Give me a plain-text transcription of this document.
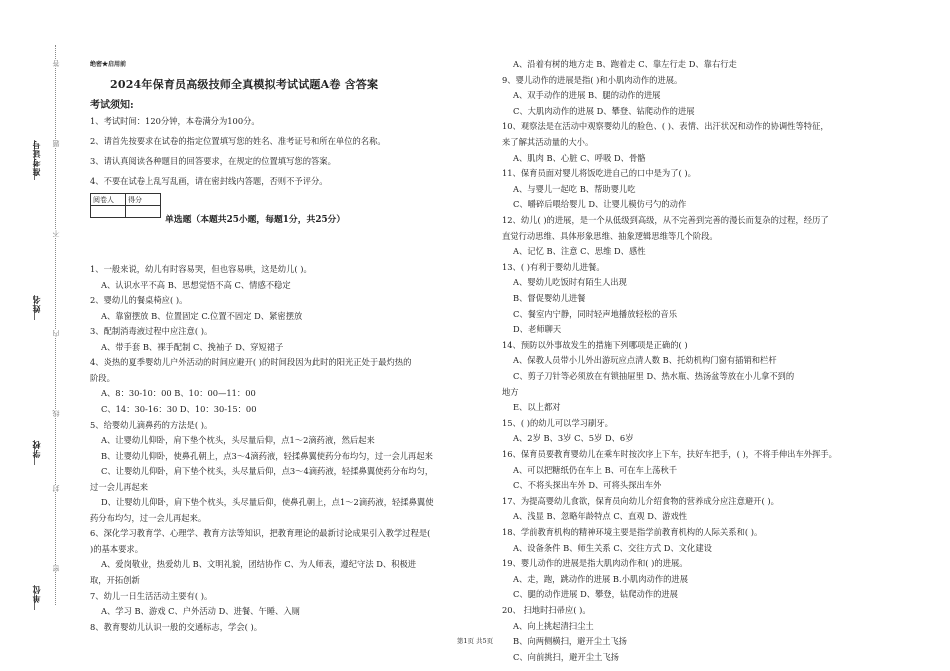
准考证号
姓名
学校
单位
答
题
不
内
线
封
密
绝密★启用前
2024年保育员高级技师全真模拟考试试题A卷 含答案
考试须知:
1、考试时间：120分钟，本卷满分为100分。
2、请首先按要求在试卷的指定位置填写您的姓名、准考证号和所在单位的名称。
3、请认真阅读各种题目的回答要求，在规定的位置填写您的答案。
4、不要在试卷上乱写乱画，请在密封线内答题，否则不予评分。
阅卷人	得分

单选题（本题共25小题，每题1分，共25分）
1、一般来说，幼儿有时容易哭，但也容易哄，这是幼儿( )。
A、认识水平不高 B、思想觉悟不高 C、情感不稳定
2、婴幼儿的餐桌椅应( )。
A、靠窗摆放 B、位置固定 C.位置不固定 D、紧密摆放
3、配制消毒液过程中应注意( )。
A、带手套 B、裸手配制 C、挽袖子 D、穿短裙子
4、炎热的夏季婴幼儿户外活动的时间应避开( )的时间段因为此时的阳光正处于最灼热的
阶段。
A、8：30-10：00 B、10：00—11：00
C、14：30-16：30 D、10：30-15：00
5、给婴幼儿滴鼻药的方法是( )。
A、让婴幼儿仰卧，肩下垫个枕头，头尽量后仰，点1～2滴药液，然后起来
B、让婴幼儿仰卧，使鼻孔朝上，点3～4滴药液，轻揉鼻翼使药分布均匀，过一会儿再起来
C、让婴幼儿仰卧，肩下垫个枕头，头尽量后仰，点3～4滴药液，轻揉鼻翼使药分布均匀，
过一会儿再起来
D、让婴幼儿仰卧，肩下垫个枕头，头尽量后仰，使鼻孔朝上，点1～2滴药液，轻揉鼻翼使
药分布均匀，过一会儿再起来。
6、深化学习教育学、心理学、教育方法等知识，把教育理论的最新讨论成果引入教学过程是(
)的基本要求。
A、爱岗敬业，热爱幼儿 B、文明礼貌，团结协作 C、为人师表，遵纪守法 D、积极进
取，开拓创新
7、幼儿一日生活活动主要有( )。
A、学习 B、游戏 C、户外活动 D、进餐、午睡、入厕
8、教育婴幼儿认识一般的交通标志，学会( )。
A、沿着有树的地方走 B、跑着走 C、靠左行走 D、靠右行走
9、婴儿动作的进展是指( )和小肌肉动作的进展。
A、双手动作的进展 B、腿的动作的进展
C、大肌肉动作的进展 D、攀登、钻爬动作的进展
10、观察法是在活动中观察婴幼儿的脸色、( )、表情、出汗状况和动作的协调性等特征，
来了解其活动量的大小。
A、肌肉 B、心脏 C、呼吸 D、骨骼
11、保育员面对婴儿将饭吃进自己的口中是为了( )。
A、与婴儿一起吃 B、帮助婴儿吃
C、嚼碎后喂给婴儿 D、让婴儿模仿弓勺的动作
12、幼儿( )的进展，是一个从低级到高级，从不完善到完善的漫长而复杂的过程，经历了
直觉行动思维、具体形象思维、抽象逻辑思维等几个阶段。
A、记忆 B、注意 C、思维 D、感性
13、( )有利于婴幼儿进餐。
A、婴幼儿吃饭时有陌生人出现
B、督促婴幼儿进餐
C、餐室内宁静，同时轻声地播放轻松的音乐
D、老师聊天
14、预防以外事故发生的措施下列哪项是正确的( )
A、保教人员带小儿外出游玩应点清人数 B、托幼机构门窗有插销和栏杆
C、剪子刀针等必须放在有锁抽屉里 D、热水瓶、热汤盆等放在小儿拿不到的
地方
E、以上都对
15、( )的幼儿可以学习刷牙。
A、2岁 B、3岁 C、5岁 D、6岁
16、保育员要教育婴幼儿在乘车时按次序上下车，扶好车把手，( )，不将手伸出车外挥手。
A、可以把糖纸仍在车上 B、可在车上荡秋千
C、不将头探出车外 D、可将头探出车外
17、为提高婴幼儿食欲，保育员向幼儿介绍食物的营养成分应注意避开( )。
A、浅显 B、忽略年龄特点 C、直观 D、游戏性
18、学前教育机构的精神环境主要是指学前教育机构的人际关系和( )。
A、设备条件 B、师生关系 C、交往方式 D、文化建设
19、婴儿动作的进展是指大肌肉动作和( )的进展。
A、走，跑，跳动作的进展 B.小肌肉动作的进展
C、腿的动作进展 D、攀登，钻爬动作的进展
20、 扫地时扫帚应( )。
A、向上挑起清扫尘土
B、向两侧横扫，避开尘土飞扬
C、向前挑扫，避开尘土飞扬
第1页 共5页
